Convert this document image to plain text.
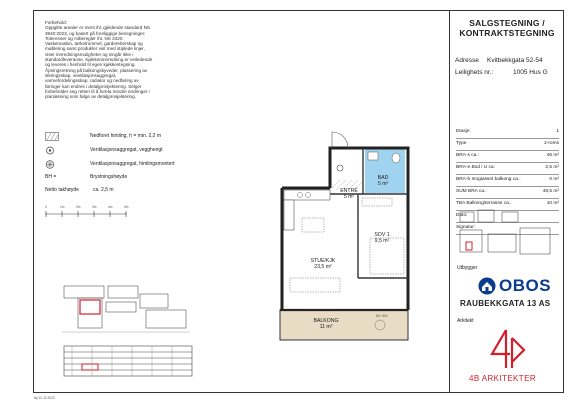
Forbehold:
Oppgitte arealer er ment ihl. gjeldende standard NS
3940:2023, og basert på foreliggige benegninger:
Tolerenser og måleregler iht. NS 3420.
Vaskemaskin, tørketrommel, gardereberskap og
møblering samt produkter vist med stiplede linjer,
viser innredningsmuligheter og inngår ikke i
standardleveranse. Kjøkkeninnredning er veiledende
og leveres i henhold til egen kjøkkentegning.
Åpningsretning på balkongskyveder, plassering av
sikringsskap, ventilasjonsaggregat,
varmefordelingsskap, radiator og nedføring av
føringer kan endres i detaljprosjektering. Selger
forbeholder seg retten til å foreta mindre endringer i
planløsning som følge av detaljprosjektering.
Nedforet himling, h = min. 2,2 m
Ventilasjonsaggregat, vegghengt
Ventilasjonsaggregat, himlingsmontert
BH =	Brystningshøyde
Netto takhøyde	ca. 2,5 m
0	1m	2m	3m	4m	5m
ENTRÈ
5 m²
BAD
5 m²
SOV 1
9,5 m²
STUE/KJK
23,5 m²
BALKONG
11 m²
BH: 800
SALGSTEGNING /
KONTRAKTSTEGNING
Adresse Kvitbekkgata 52-54
Leilighets nr.:	1005 Hus G
Etasje:	1
Type	2-roms
BRA-s ca.:	46 m²
BRA-e Bod i U ca:	2,5 m²
BRA-b Inngiasset balkong ca.:	0 m²
SUM BRA ca.:	48,5 m²
TBA Balkong/terrasse ca.:	10 m²
Dato:
Signatur:
Utbygger
OBOS
RAUBEKKGATA 13 AS
Arkitekt
4B ARKITEKTER
Ny 10.11.2023
